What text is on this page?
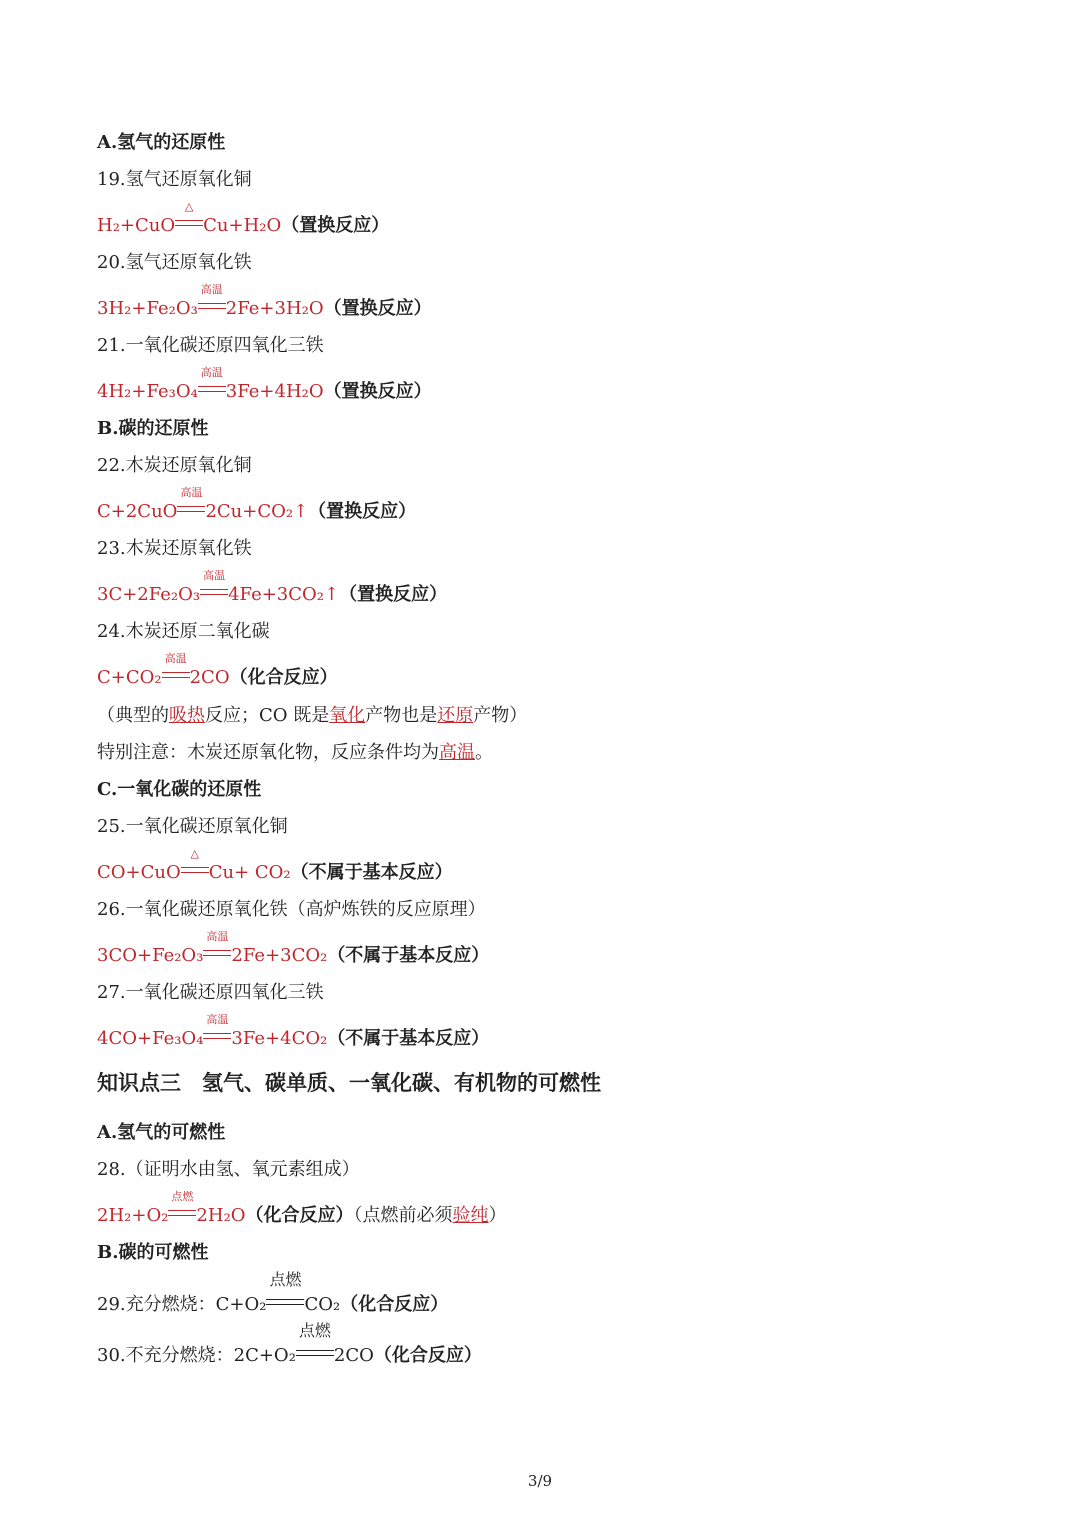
A.氢气的还原性
19.氢气还原氧化铜
H₂+CuO
△
Cu+H₂O（置换反应）
20.氢气还原氧化铁
3H₂+Fe₂O₃
高温
2Fe+3H₂O（置换反应）
21.一氧化碳还原四氧化三铁
4H₂+Fe₃O₄
高温
3Fe+4H₂O（置换反应）
B.碳的还原性
22.木炭还原氧化铜
C+2CuO
高温
2Cu+CO₂↑（置换反应）
23.木炭还原氧化铁
3C+2Fe₂O₃
高温
4Fe+3CO₂↑（置换反应）
24.木炭还原二氧化碳
C+CO₂
高温
2CO（化合反应）
（典型的吸热反应；CO 既是氧化产物也是还原产物）
特别注意：木炭还原氧化物，反应条件均为高温。
C.一氧化碳的还原性
25.一氧化碳还原氧化铜
CO+CuO
△
Cu+ CO₂（不属于基本反应）
26.一氧化碳还原氧化铁（高炉炼铁的反应原理）
3CO+Fe₂O₃
高温
2Fe+3CO₂（不属于基本反应）
27.一氧化碳还原四氧化三铁
4CO+Fe₃O₄
高温
3Fe+4CO₂（不属于基本反应）
知识点三　氢气、碳单质、一氧化碳、有机物的可燃性
A.氢气的可燃性
28.（证明水由氢、氧元素组成）
2H₂+O₂
点燃
2H₂O（化合反应）（点燃前必须验纯）
B.碳的可燃性
29.充分燃烧：C+O₂
点燃
CO₂（化合反应）
30.不充分燃烧：2C+O₂
点燃
2CO（化合反应）
3/9
